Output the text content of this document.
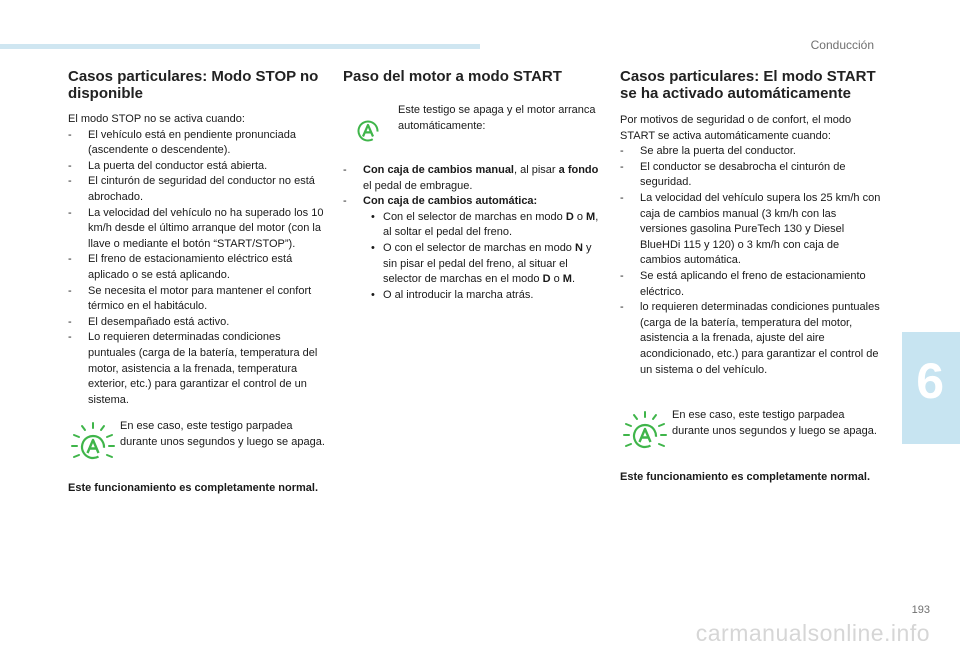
Conducción
6
Casos particulares: Modo STOP no disponible

El modo STOP no se activa cuando:

- El vehículo está en pendiente pronunciada (ascendente o descendente).
- La puerta del conductor está abierta.
- El cinturón de seguridad del conductor no está abrochado.
- La velocidad del vehículo no ha superado los 10 km/h desde el último arranque del motor (con la llave o mediante el botón “START/STOP”).
- El freno de estacionamiento eléctrico está aplicado o se está aplicando.
- Se necesita el motor para mantener el confort térmico en el habitáculo.
- El desempañado está activo.
- Lo requieren determinadas condiciones puntuales (carga de la batería, temperatura del motor, asistencia a la frenada, temperatura exterior, etc.) para garantizar el control de un sistema.
En ese caso, este testigo parpadea durante unos segundos y luego se apaga.

Este funcionamiento es completamente normal.

Paso del motor a modo START
Este testigo se apaga y el motor arranca automáticamente:
- Con caja de cambios manual, al pisar a fondo el pedal de embrague.
- Con caja de cambios automática:
• Con el selector de marchas en modo D o M, al soltar el pedal del freno.
• O con el selector de marchas en modo N y sin pisar el pedal del freno, al situar el selector de marchas en el modo D o M.
• O al introducir la marcha atrás.
Casos particulares: El modo START se ha activado automáticamente

Por motivos de seguridad o de confort, el modo START se activa automáticamente cuando:

- Se abre la puerta del conductor.
- El conductor se desabrocha el cinturón de seguridad.
- La velocidad del vehículo supera los 25 km/h con caja de cambios manual (3 km/h con las versiones gasolina PureTech 130 y Diesel BlueHDi 115 y 120) o 3 km/h con caja de cambios automática.
- Se está aplicando el freno de estacionamiento eléctrico.
- lo requieren determinadas condiciones puntuales (carga de la batería, temperatura del motor, asistencia a la frenada, ajuste del aire acondicionado, etc.) para garantizar el control de un sistema o del vehículo.
En ese caso, este testigo parpadea durante unos segundos y luego se apaga.

Este funcionamiento es completamente normal.

193
carmanualsonline.info
